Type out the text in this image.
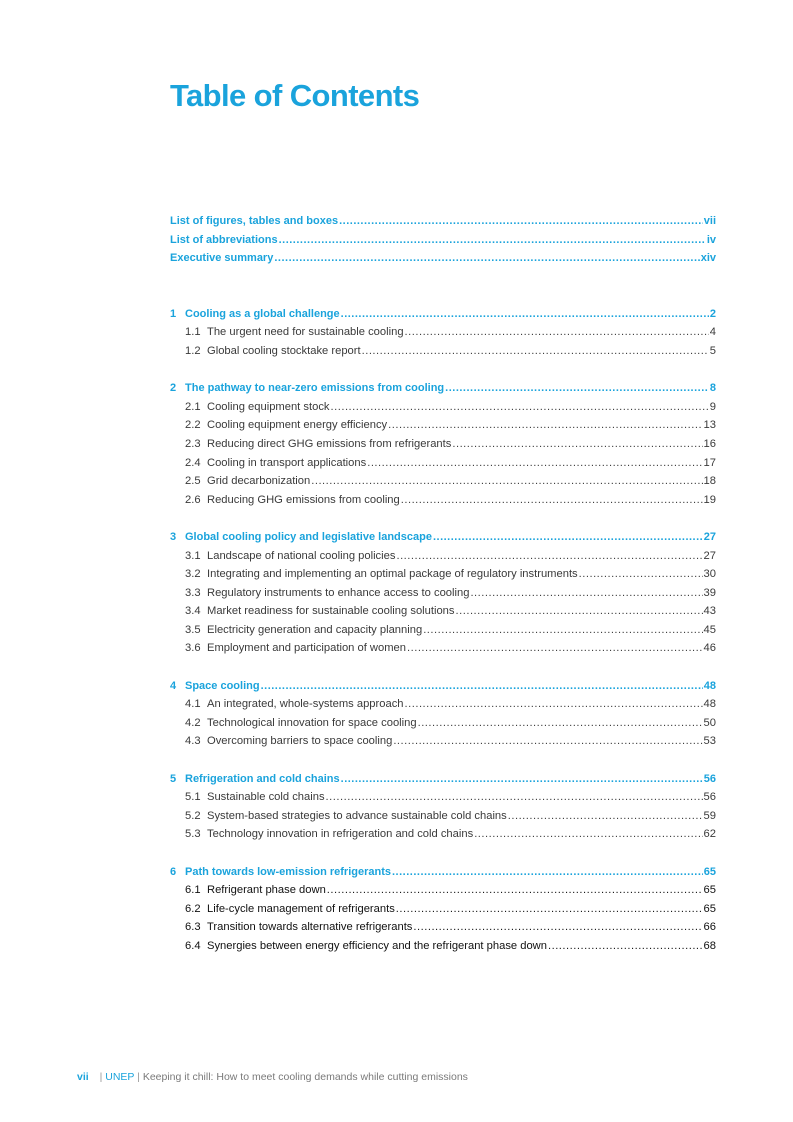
Table of Contents
List of figures, tables and boxes .....	vii
List of abbreviations .....	iv
Executive summary .....	xiv
1 Cooling as a global challenge .....	2
1.1 The urgent need for sustainable cooling .....	4
1.2 Global cooling stocktake report .....	5
2 The pathway to near-zero emissions from cooling .....	8
2.1 Cooling equipment stock .....	9
2.2 Cooling equipment energy efficiency .....	13
2.3 Reducing direct GHG emissions from refrigerants .....	16
2.4 Cooling in transport applications .....	17
2.5 Grid decarbonization .....	18
2.6 Reducing GHG emissions from cooling .....	19
3 Global cooling policy and legislative landscape .....	27
3.1 Landscape of national cooling policies .....	27
3.2 Integrating and implementing an optimal package of regulatory instruments .....	30
3.3 Regulatory instruments to enhance access to cooling .....	39
3.4 Market readiness for sustainable cooling solutions .....	43
3.5 Electricity generation and capacity planning .....	45
3.6 Employment and participation of women .....	46
4 Space cooling .....	48
4.1 An integrated, whole-systems approach .....	48
4.2 Technological innovation for space cooling .....	50
4.3 Overcoming barriers to space cooling .....	53
5 Refrigeration and cold chains .....	56
5.1 Sustainable cold chains .....	56
5.2 System-based strategies to advance sustainable cold chains .....	59
5.3 Technology innovation in refrigeration and cold chains .....	62
6 Path towards low-emission refrigerants .....	65
6.1 Refrigerant phase down .....	65
6.2 Life-cycle management of refrigerants .....	65
6.3 Transition towards alternative refrigerants .....	66
6.4 Synergies between energy efficiency and the refrigerant phase down .....	68
vii | UNEP | Keeping it chill: How to meet cooling demands while cutting emissions
